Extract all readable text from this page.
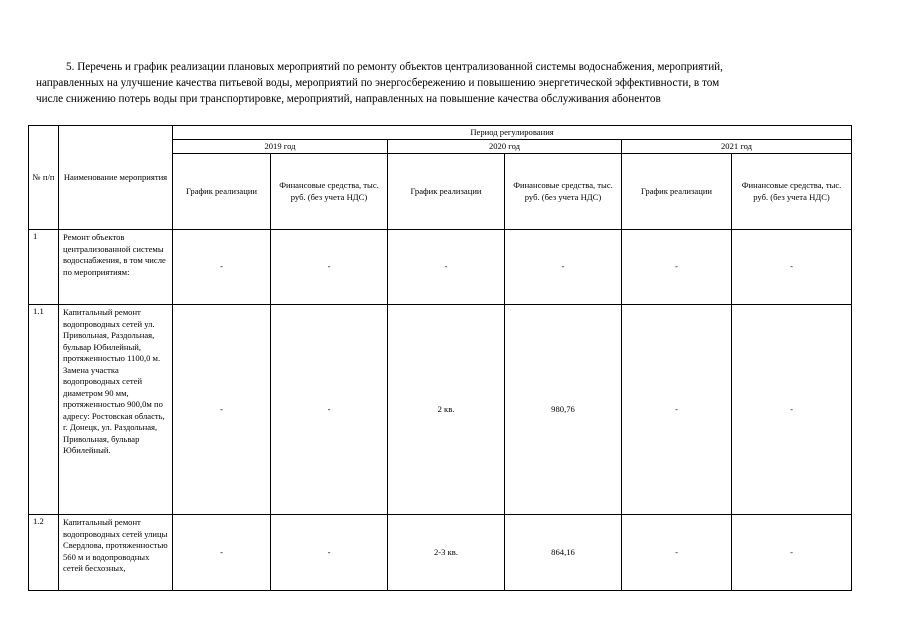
5. Перечень и график реализации плановых мероприятий по ремонту объектов централизованной системы водоснабжения, мероприятий,
направленных на улучшение качества питьевой воды, мероприятий по энергосбережению и повышению энергетической эффективности, в том
числе снижению потерь воды при транспортировке, мероприятий, направленных на повышение качества обслуживания абонентов
№ п/п	Наименование мероприятия	Период регулирования					
		2019 год		2020 год		2021 год	
		График реализации	Финансовые средства, тыс. руб. (без учета НДС)	График реализации	Финансовые средства, тыс. руб. (без учета НДС)	График реализации	Финансовые средства, тыс. руб. (без учета НДС)
1	Ремонт объектов централизованной системы водоснабжения, в том числе по мероприятиям:	-	-	-	-	-	-
1.1	Капитальный ремонт водопроводных сетей ул. Привольная, Раздольная, бульвар Юбилейный, протяженностью 1100,0 м. Замена участка водопроводных сетей диаметром 90 мм, протяженностью 900,0м по адресу: Ростовская область, г. Донецк, ул. Раздольная, Привольная, бульвар Юбилейный.	-	-	2 кв.	980,76	-	-
1.2	Капитальный ремонт водопроводных сетей улицы Свердлова, протяженностью 560 м и водопроводных сетей бесхозных,	-	-	2-3 кв.	864,16	-	-
